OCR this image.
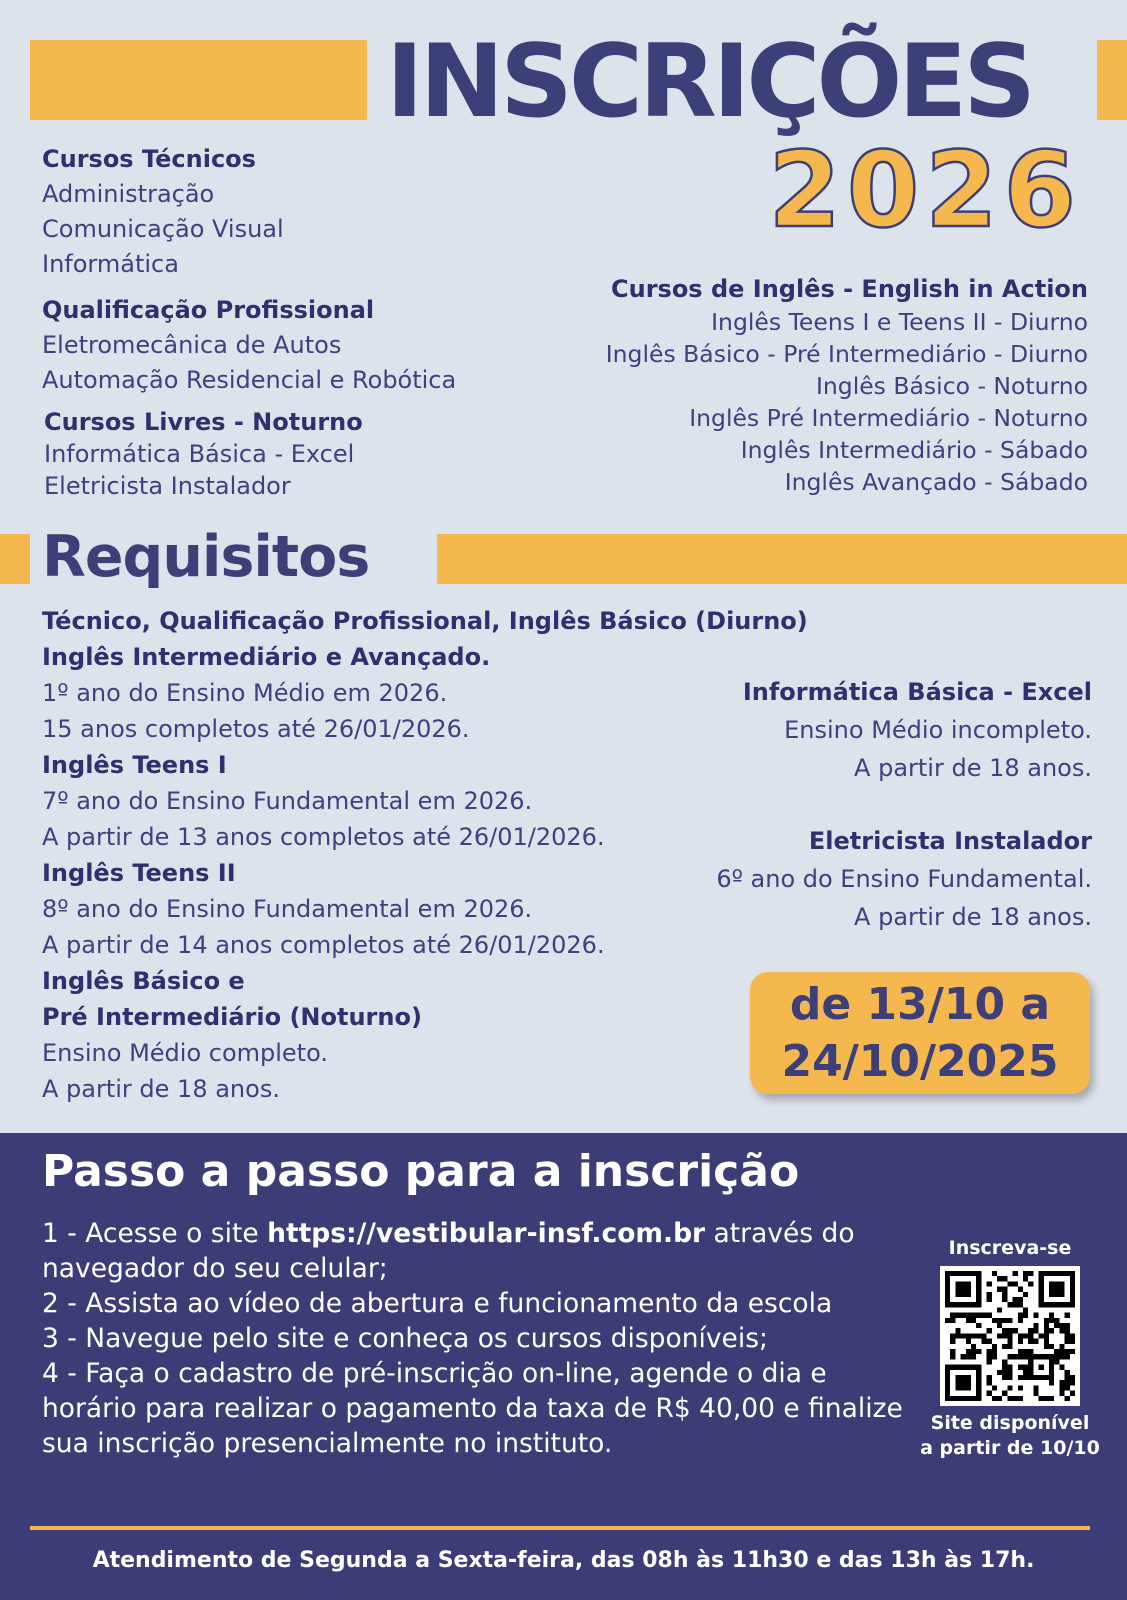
INSCRIÇÕES
2026
Cursos Técnicos
Administração
Comunicação Visual
Informática
Qualificação Profissional
Eletromecânica de Autos
Automação Residencial e Robótica
Cursos Livres - Noturno
Informática Básica - Excel
Eletricista Instalador
Cursos de Inglês - English in Action
Inglês Teens I e Teens II - Diurno
Inglês Básico - Pré Intermediário - Diurno
Inglês Básico - Noturno
Inglês Pré Intermediário - Noturno
Inglês Intermediário - Sábado
Inglês Avançado - Sábado
Requisitos
Técnico, Qualificação Profissional, Inglês Básico (Diurno)
Inglês Intermediário e Avançado.
1º ano do Ensino Médio em 2026.
15 anos completos até 26/01/2026.
Inglês Teens I
7º ano do Ensino Fundamental em 2026.
A partir de 13 anos completos até 26/01/2026.
Inglês Teens II
8º ano do Ensino Fundamental em 2026.
A partir de 14 anos completos até 26/01/2026.
Inglês Básico e
Pré Intermediário (Noturno)
Ensino Médio completo.
A partir de 18 anos.
Informática Básica - Excel
Ensino Médio incompleto.
A partir de 18 anos.
Eletricista Instalador
6º ano do Ensino Fundamental.
A partir de 18 anos.
de 13/10 a
24/10/2025
Passo a passo para a inscrição
1 - Acesse o site https://vestibular-insf.com.br através do navegador do seu celular;
2 - Assista ao vídeo de abertura e funcionamento da escola
3 - Navegue pelo site e conheça os cursos disponíveis;
4 - Faça o cadastro de pré-inscrição on-line, agende o dia e horário para realizar o pagamento da taxa de R$ 40,00 e finalize sua inscrição presencialmente no instituto.
Inscreva-se
Site disponível
a partir de 10/10
Atendimento de Segunda a Sexta-feira, das 08h às 11h30 e das 13h às 17h.
